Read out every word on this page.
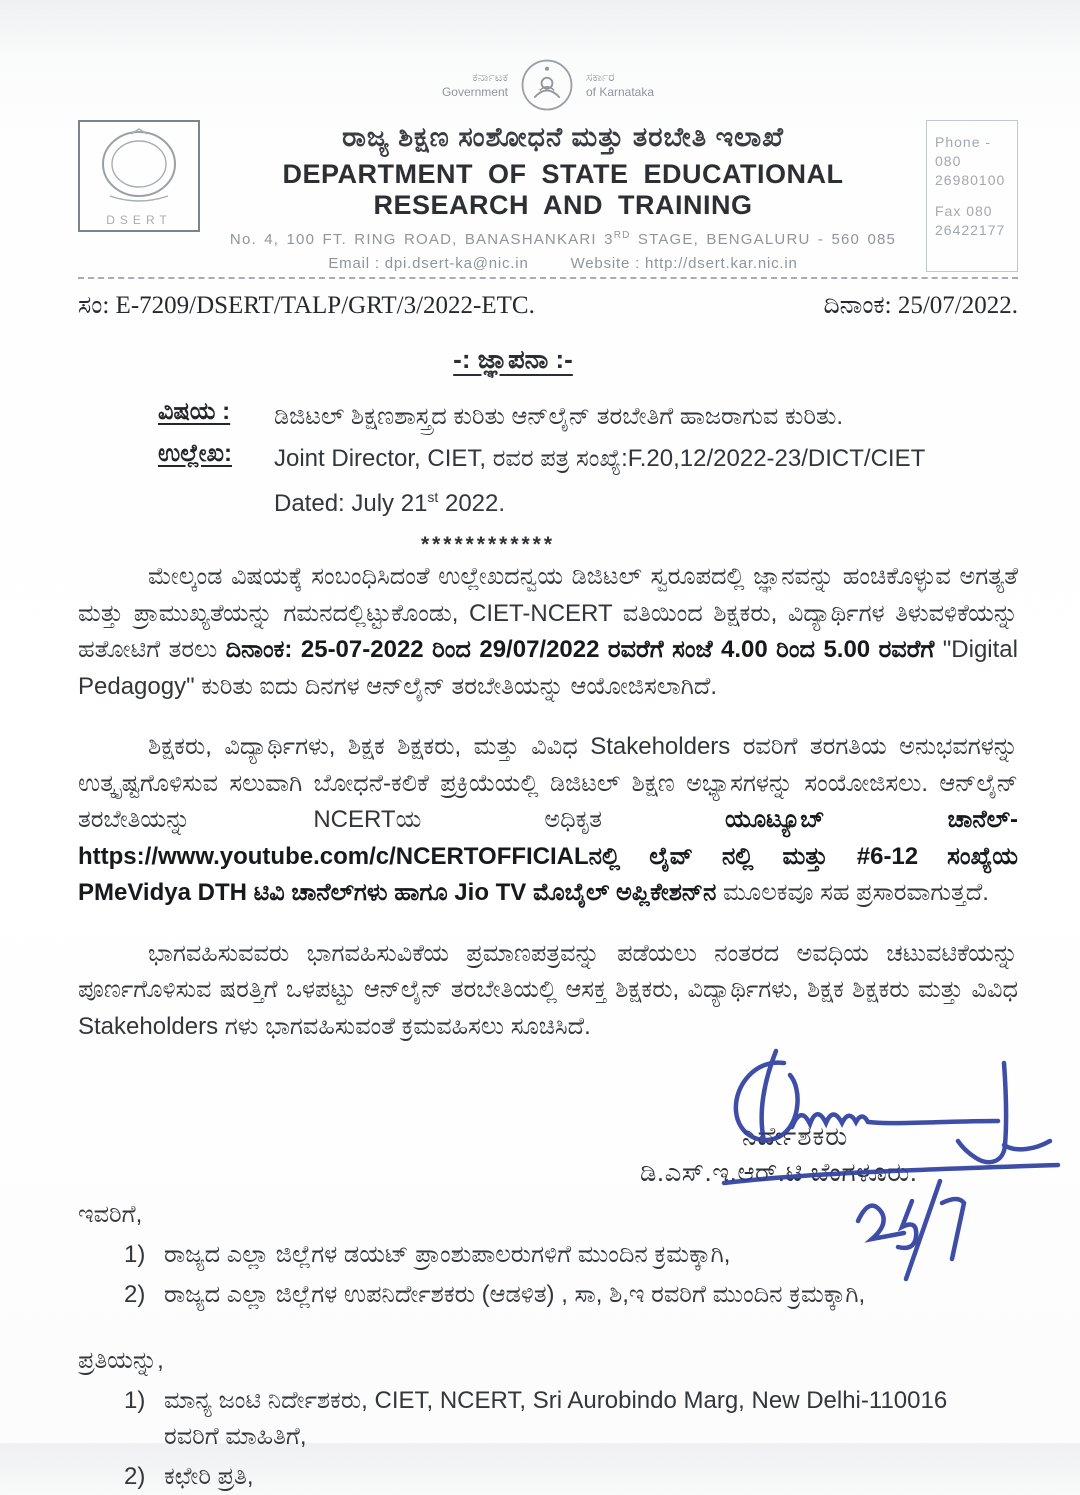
ಕರ್ನಾಟಕ
Government
ಸರ್ಕಾರ
of Karnataka
DSERT
ರಾಜ್ಯ ಶಿಕ್ಷಣ ಸಂಶೋಧನೆ ಮತ್ತು ತರಬೇತಿ ಇಲಾಖೆ
DEPARTMENT OF STATE EDUCATIONAL RESEARCH AND TRAINING
No. 4, 100 FT. RING ROAD, BANASHANKARI 3RD STAGE, BENGALURU - 560 085
Email : dpi.dsert-ka@nic.in	Website : http://dsert.kar.nic.in
Phone - 080
26980100
Fax 080
26422177
ಸಂ: E-7209/DSERT/TALP/GRT/3/2022-ETC.	ದಿನಾಂಕ: 25/07/2022.
-: ಜ್ಞಾಪನಾ :-
ವಿಷಯ :	ಡಿಜಿಟಲ್ ಶಿಕ್ಷಣಶಾಸ್ತ್ರದ ಕುರಿತು ಆನ್‌ಲೈನ್ ತರಬೇತಿಗೆ ಹಾಜರಾಗುವ ಕುರಿತು.
ಉಲ್ಲೇಖ:	Joint Director, CIET, ರವರ ಪತ್ರ ಸಂಖ್ಯೆ:F.20,12/2022-23/DICT/CIET
Dated: July 21st 2022.
************

ಮೇಲ್ಕಂಡ ವಿಷಯಕ್ಕೆ ಸಂಬಂಧಿಸಿದಂತೆ ಉಲ್ಲೇಖದನ್ವಯ ಡಿಜಿಟಲ್ ಸ್ವರೂಪದಲ್ಲಿ ಜ್ಞಾನವನ್ನು ಹಂಚಿಕೊಳ್ಳುವ ಅಗತ್ಯತೆ ಮತ್ತು ಪ್ರಾಮುಖ್ಯತೆಯನ್ನು ಗಮನದಲ್ಲಿಟ್ಟುಕೊಂಡು, CIET-NCERT ವತಿಯಿಂದ ಶಿಕ್ಷಕರು, ವಿದ್ಯಾರ್ಥಿಗಳ ತಿಳುವಳಿಕೆಯನ್ನು ಹತೋಟಿಗೆ ತರಲು ದಿನಾಂಕ: 25-07-2022 ರಿಂದ 29/07/2022 ರವರೆಗೆ ಸಂಜೆ 4.00 ರಿಂದ 5.00 ರವರೆಗೆ "Digital Pedagogy" ಕುರಿತು ಐದು ದಿನಗಳ ಆನ್‌ಲೈನ್ ತರಬೇತಿಯನ್ನು ಆಯೋಜಿಸಲಾಗಿದೆ.

ಶಿಕ್ಷಕರು, ವಿದ್ಯಾರ್ಥಿಗಳು, ಶಿಕ್ಷಕ ಶಿಕ್ಷಕರು, ಮತ್ತು ವಿವಿಧ Stakeholders ರವರಿಗೆ ತರಗತಿಯ ಅನುಭವಗಳನ್ನು ಉತ್ಕೃಷ್ಟಗೊಳಿಸುವ ಸಲುವಾಗಿ ಬೋಧನೆ-ಕಲಿಕೆ ಪ್ರಕ್ರಿಯೆಯಲ್ಲಿ ಡಿಜಿಟಲ್ ಶಿಕ್ಷಣ ಅಭ್ಯಾಸಗಳನ್ನು ಸಂಯೋಜಿಸಲು. ಆನ್‌ಲೈನ್ ತರಬೇತಿಯನ್ನು NCERTಯ ಅಧಿಕೃತ ಯೂಟ್ಯೂಬ್ ಚಾನೆಲ್- https://www.youtube.com/c/NCERTOFFICIALನಲ್ಲಿ ಲೈವ್ ನಲ್ಲಿ ಮತ್ತು #6-12 ಸಂಖ್ಯೆಯ PMeVidya DTH ಟಿವಿ ಚಾನೆಲ್‌ಗಳು ಹಾಗೂ Jio TV ಮೊಬೈಲ್ ಅಪ್ಲಿಕೇಶನ್‌ನ ಮೂಲಕವೂ ಸಹ ಪ್ರಸಾರವಾಗುತ್ತದೆ.

ಭಾಗವಹಿಸುವವರು ಭಾಗವಹಿಸುವಿಕೆಯ ಪ್ರಮಾಣಪತ್ರವನ್ನು ಪಡೆಯಲು ನಂತರದ ಅವಧಿಯ ಚಟುವಟಿಕೆಯನ್ನು ಪೂರ್ಣಗೊಳಿಸುವ ಷರತ್ತಿಗೆ ಒಳಪಟ್ಟು ಆನ್‌ಲೈನ್ ತರಬೇತಿಯಲ್ಲಿ ಆಸಕ್ತ ಶಿಕ್ಷಕರು, ವಿದ್ಯಾರ್ಥಿಗಳು, ಶಿಕ್ಷಕ ಶಿಕ್ಷಕರು ಮತ್ತು ವಿವಿಧ Stakeholders ಗಳು ಭಾಗವಹಿಸುವಂತೆ ಕ್ರಮವಹಿಸಲು ಸೂಚಿಸಿದೆ.

ನಿರ್ದೇಶಕರು
ಡಿ.ಎಸ್.ಇ.ಆರ್.ಟಿ ಬೆಂಗಳೂರು.
ಇವರಿಗೆ,
1) ರಾಜ್ಯದ ಎಲ್ಲಾ ಜಿಲ್ಲೆಗಳ ಡಯಟ್ ಪ್ರಾಂಶುಪಾಲರುಗಳಿಗೆ ಮುಂದಿನ ಕ್ರಮಕ್ಕಾಗಿ,
2) ರಾಜ್ಯದ ಎಲ್ಲಾ ಜಿಲ್ಲೆಗಳ ಉಪನಿರ್ದೇಶಕರು (ಆಡಳಿತ) , ಸಾ, ಶಿ,ಇ ರವರಿಗೆ ಮುಂದಿನ ಕ್ರಮಕ್ಕಾಗಿ,
ಪ್ರತಿಯನ್ನು,
1) ಮಾನ್ಯ ಜಂಟಿ ನಿರ್ದೇಶಕರು, CIET, NCERT, Sri Aurobindo Marg, New Delhi-110016 ರವರಿಗೆ ಮಾಹಿತಿಗೆ,
2) ಕಛೇರಿ ಪ್ರತಿ,
